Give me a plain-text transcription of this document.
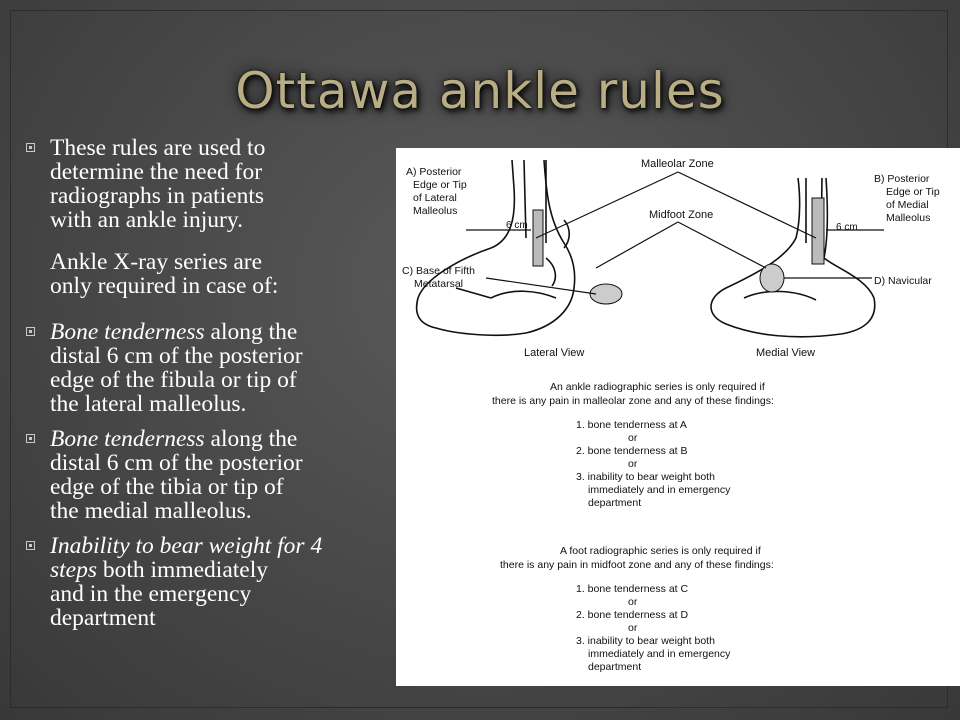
Ottawa ankle rules
These rules are used to
determine the need for
radiographs in patients
with an ankle injury.
Ankle X-ray series are
only required in case of:
Bone tenderness along the
distal 6 cm of the posterior
edge of the fibula or tip of
the lateral malleolus.
Bone tenderness along the
distal 6 cm of the posterior
edge of the tibia or tip of
the medial malleolus.
Inability to bear weight for 4
steps both immediately
and in the emergency
department
Malleolar Zone
Midfoot Zone
A) Posterior
Edge or Tip
of Lateral
Malleolus
B) Posterior
Edge or Tip
of Medial
Malleolus
C) Base of Fifth
Metatarsal	D) Navicular
6 cm	6 cm
Lateral View	Medial View
An ankle radiographic series is only required if
there is any pain in malleolar zone and any of these findings:
1. bone tenderness at A
or
2. bone tenderness at B
or
3. inability to bear weight both
immediately and in emergency
department
A foot radiographic series is only required if
there is any pain in midfoot zone and any of these findings:
1. bone tenderness at C
or
2. bone tenderness at D
or
3. inability to bear weight both
immediately and in emergency
department
